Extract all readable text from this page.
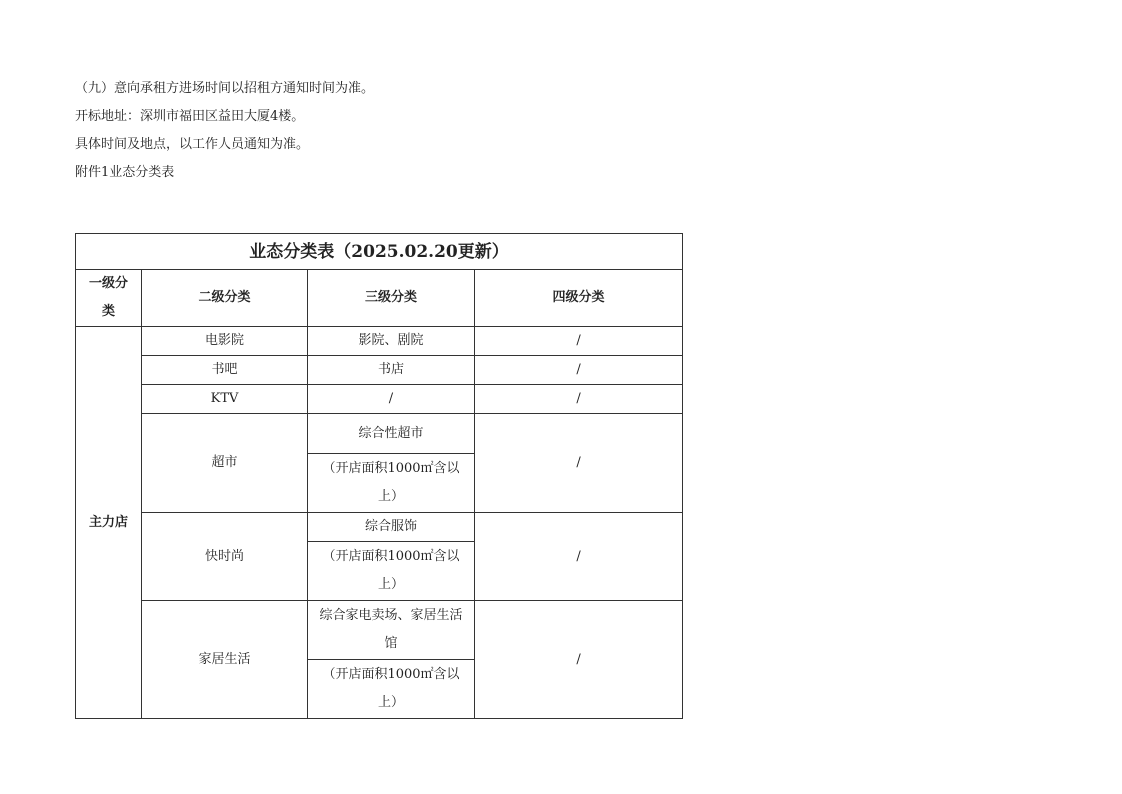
（九）意向承租方进场时间以招租方通知时间为准。
开标地址：深圳市福田区益田大厦4楼。
具体时间及地点，以工作人员通知为准。
附件1业态分类表
业态分类表（2025.02.20更新）			
一级分类	二级分类	三级分类	四级分类
主力店	电影院	影院、剧院	/
	书吧	书店	/
	KTV	/	/
	超市	综合性超市	/
		（开店面积1000㎡含以上）	
	快时尚	综合服饰	/
		（开店面积1000㎡含以上）	
	家居生活	综合家电卖场、家居生活馆	/
		（开店面积1000㎡含以上）	
